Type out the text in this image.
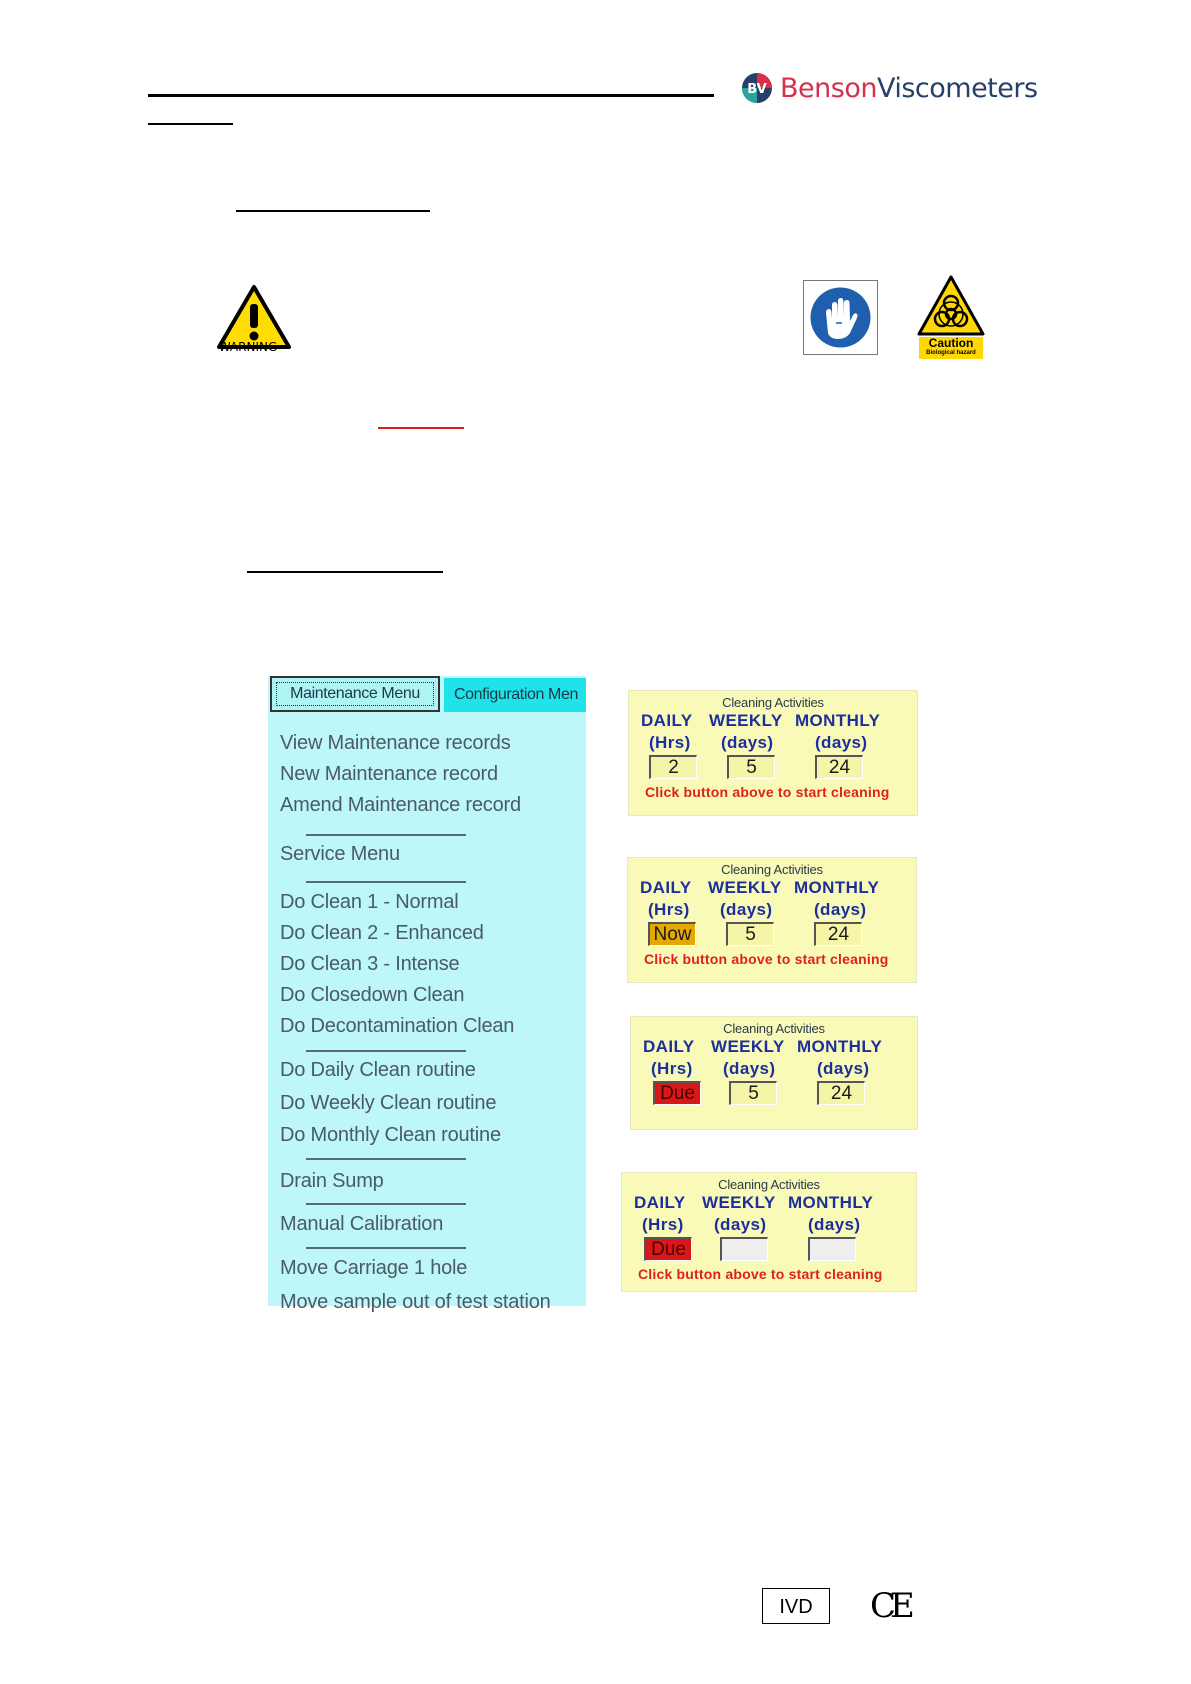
BV BensonViscometers
WARNING	Caution
Biological hazard
Maintenance Menu	Configuration Men
View Maintenance records
New Maintenance record
Amend Maintenance record
Service Menu
Do Clean 1 - Normal
Do Clean 2 - Enhanced
Do Clean 3 - Intense
Do Closedown Clean
Do Decontamination Clean
Do Daily Clean routine
Do Weekly Clean routine
Do Monthly Clean routine
Drain Sump
Manual Calibration
Move Carriage 1 hole
Move sample out of test station
Cleaning Activities
DAILY WEEKLY MONTHLY
(Hrs) (days) (days)
2	5	24
Click button above to start cleaning
Cleaning Activities
DAILY WEEKLY MONTHLY
(Hrs) (days) (days)
Now	5	24
Click button above to start cleaning
Cleaning Activities
DAILY WEEKLY MONTHLY
(Hrs) (days) (days)
Due	5	24
Cleaning Activities
DAILY WEEKLY MONTHLY
(Hrs) (days) (days)
Due
Click button above to start cleaning
IVD	CE
